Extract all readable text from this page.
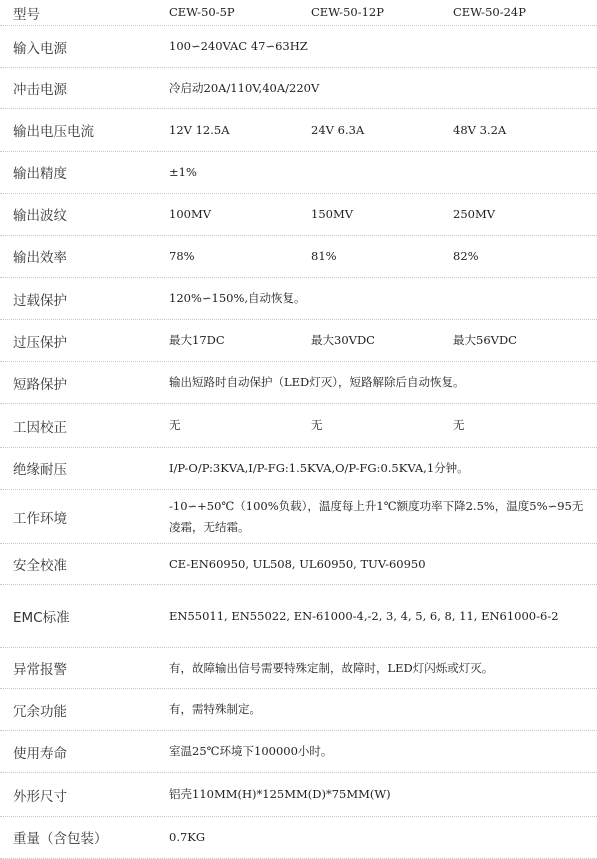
型号	CEW-50-5P CEW-50-12P CEW-50-24P

输入电源	100∽240VAC 47∽63HZ
冲击电源	冷启动20A/110V,40A/220V
输出电压电流	12V 12.5A 24V 6.3A 48V 3.2A

输出精度	±1%
输出波纹	100MV 150MV 250MV

输出效率	78% 81% 82%

过载保护	120%∽150%,自动恢复。
过压保护	最大17DC 最大30VDC 最大56VDC

短路保护	输出短路时自动保护（LED灯灭），短路解除后自动恢复。
工因校正	无 无 无

绝缘耐压	I/P-O/P:3KVA,I/P-FG:1.5KVA,O/P-FG:0.5KVA,1分钟。
工作环境	-10∽+50℃（100%负载），温度每上升1℃额度功率下降2.5%，温度5%∽95无凌霜，无结霜。
安全校准	CE-EN60950, UL508, UL60950, TUV-60950
EMC标准	EN55011, EN55022, EN-61000-4,-2, 3, 4, 5, 6, 8, 11, EN61000-6-2
异常报警	有，故障输出信号需要特殊定制，故障时，LED灯闪烁或灯灭。
冗余功能	有，需特殊制定。
使用寿命	室温25℃环境下100000小时。
外形尺寸	铝壳110MM(H)*125MM(D)*75MM(W)
重量（含包装）	0.7KG
